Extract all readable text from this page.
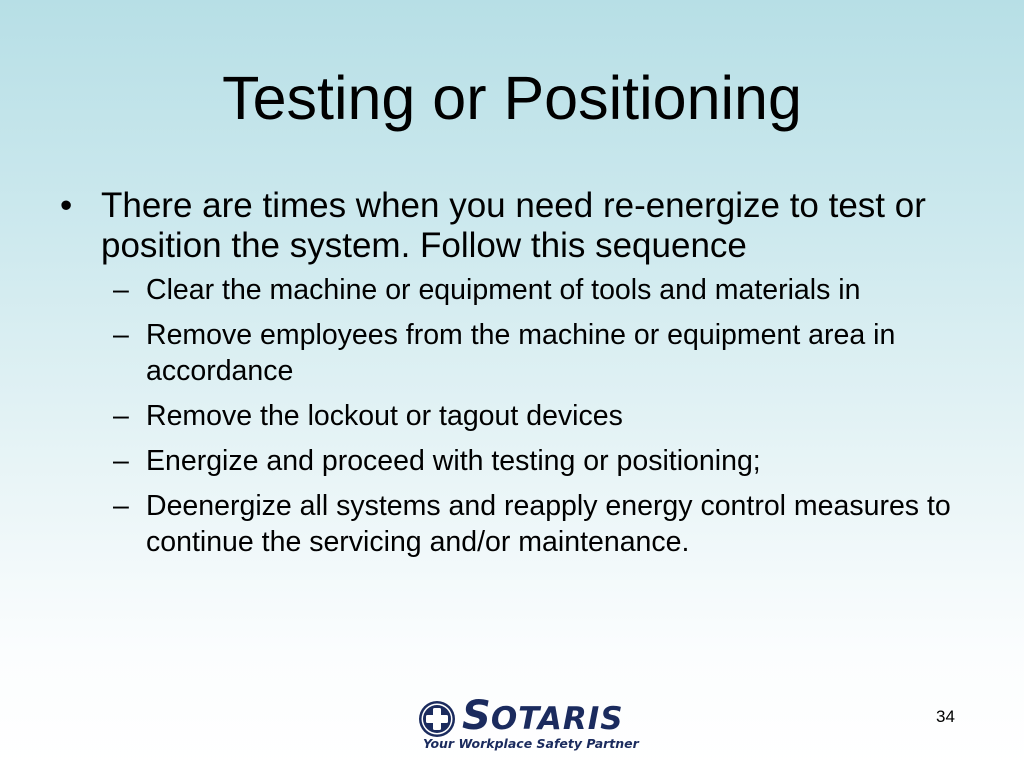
Testing or Positioning
• There are times when you need re-energize to test or position the system. Follow this sequence
– Clear the machine or equipment of tools and materials in
– Remove employees from the machine or equipment area in accordance
– Remove the lockout or tagout devices
– Energize and proceed with testing or positioning;
– Deenergize all systems and reapply energy control measures to continue the servicing and/or maintenance.
SOTARIS
Your Workplace Safety Partner
34
